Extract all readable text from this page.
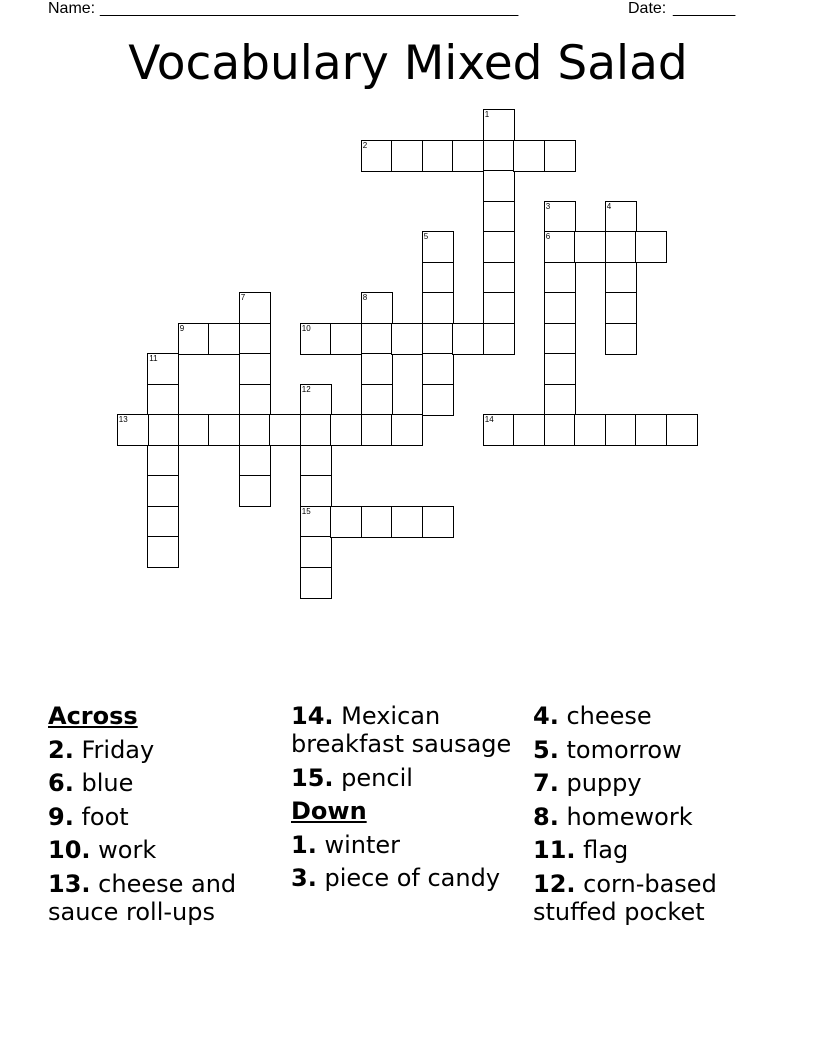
Name: _______________________________________________	Date: _______
Vocabulary Mixed Salad
1
2
3
6
4
5
7	8
9	10
11
12
15
13	14
Across
2. Friday
6. blue
9. foot
10. work
13. cheese and sauce roll-ups
14. Mexican breakfast sausage
15. pencil
Down
1. winter
3. piece of candy
4. cheese
5. tomorrow
7. puppy
8. homework
11. flag
12. corn-based stuffed pocket
